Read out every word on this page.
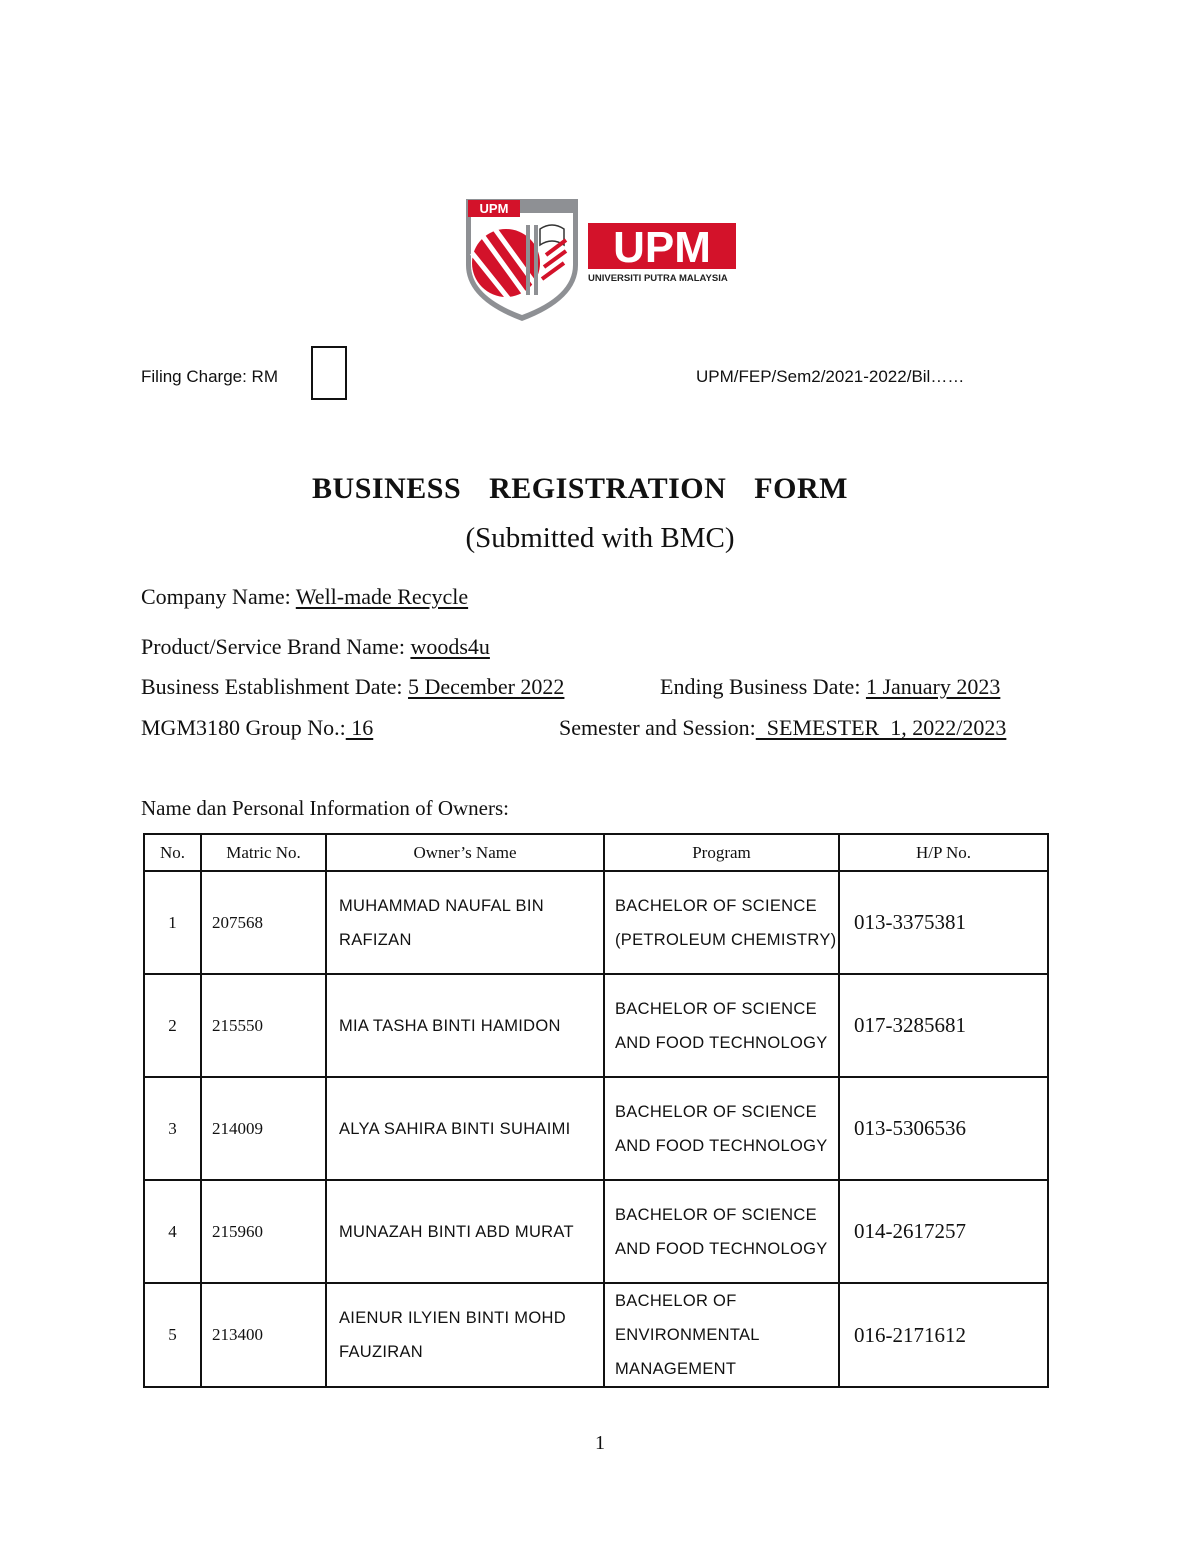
UPM
UPM
UNIVERSITI PUTRA MALAYSIA
Filing Charge: RM	UPM/FEP/Sem2/2021-2022/Bil……
BUSINESS  REGISTRATION  FORM
(Submitted with BMC)
Company Name: Well-made Recycle
Product/Service Brand Name: woods4u
Business Establishment Date: 5 December 2022	Ending Business Date: 1 January 2023
MGM3180 Group No.: 16	Semester and Session:  SEMESTER  1, 2022/2023
Name dan Personal Information of Owners:
No.	Matric No.	Owner’s Name	Program	H/P No.
1	207568	MUHAMMAD NAUFAL BIN RAFIZAN	BACHELOR OF SCIENCE (PETROLEUM CHEMISTRY)	013-3375381
2	215550	MIA TASHA BINTI HAMIDON	BACHELOR OF SCIENCE AND FOOD TECHNOLOGY	017-3285681
3	214009	ALYA SAHIRA BINTI SUHAIMI	BACHELOR OF SCIENCE AND FOOD TECHNOLOGY	013-5306536
4	215960	MUNAZAH BINTI ABD MURAT	BACHELOR OF SCIENCE AND FOOD TECHNOLOGY	014-2617257
5	213400	AIENUR ILYIEN BINTI MOHD FAUZIRAN	BACHELOR OF ENVIRONMENTAL MANAGEMENT	016-2171612
1
